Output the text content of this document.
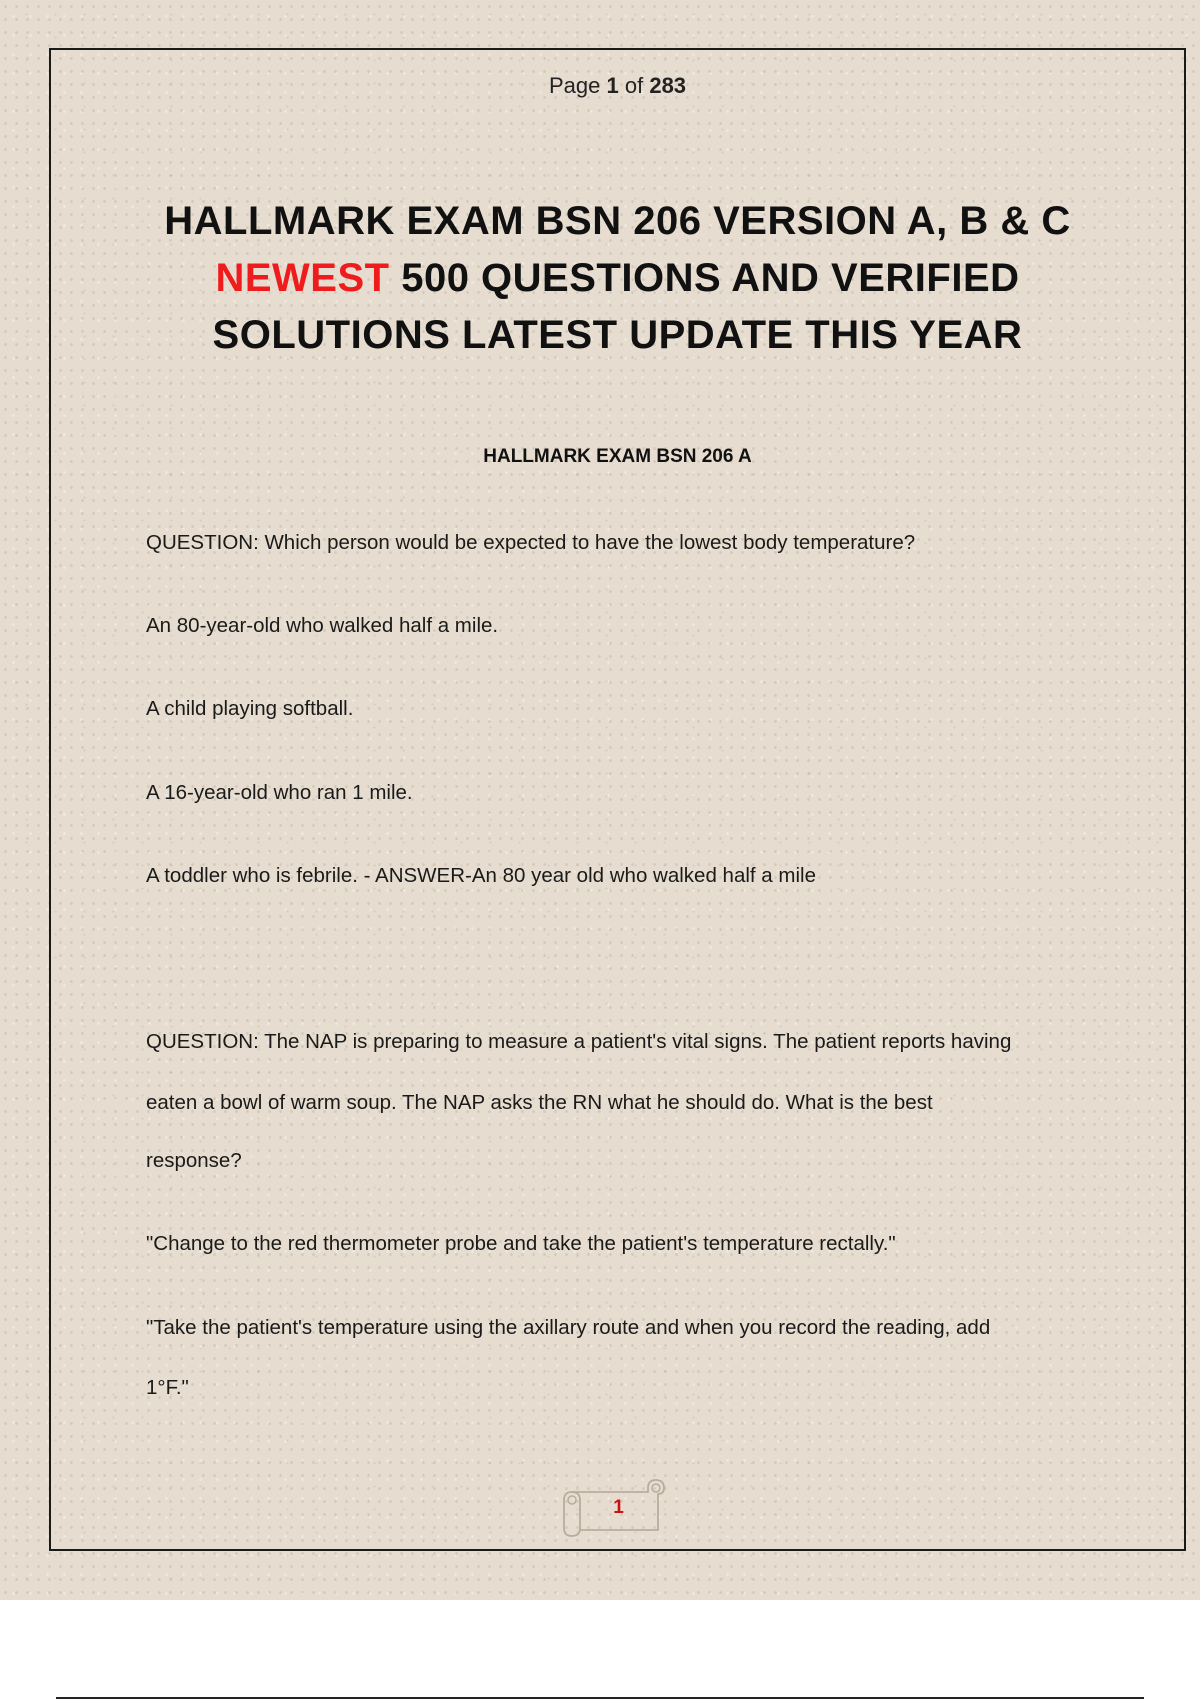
Page 1 of 283
HALLMARK EXAM BSN 206 VERSION A, B & C NEWEST 500 QUESTIONS AND VERIFIED SOLUTIONS LATEST UPDATE THIS YEAR
HALLMARK EXAM BSN 206 A

QUESTION: Which person would be expected to have the lowest body temperature?

An 80-year-old who walked half a mile.

A child playing softball.

A 16-year-old who ran 1 mile.

A toddler who is febrile. - ANSWER-An 80 year old who walked half a mile

QUESTION: The NAP is preparing to measure a patient's vital signs. The patient reports having

eaten a bowl of warm soup. The NAP asks the RN what he should do. What is the best

response?

"Change to the red thermometer probe and take the patient's temperature rectally."

"Take the patient's temperature using the axillary route and when you record the reading, add

1°F."

1
